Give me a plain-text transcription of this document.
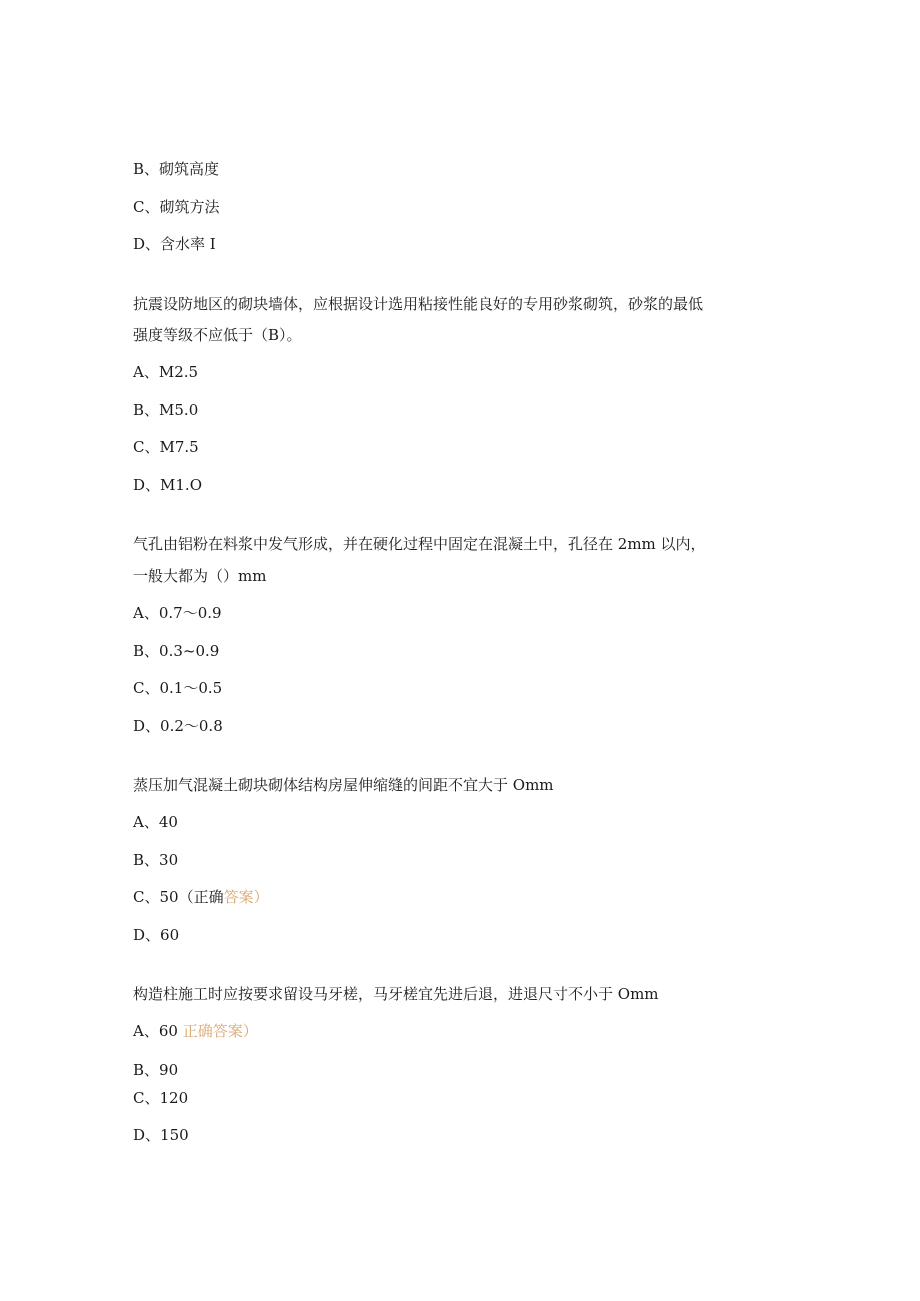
B、砌筑高度
C、砌筑方法
D、含水率 I
抗震设防地区的砌块墙体，应根据设计选用粘接性能良好的专用砂浆砌筑，砂浆的最低
强度等级不应低于（B）。
A、M2.5
B、M5.0
C、M7.5
D、M1.O
气孔由铝粉在料浆中发气形成，并在硬化过程中固定在混凝土中，孔径在 2mm 以内，
一般大都为（）mm
A、0.7～0.9
B、0.3~0.9
C、0.1～0.5
D、0.2～0.8
蒸压加气混凝土砌块砌体结构房屋伸缩缝的间距不宜大于 Omm
A、40
B、30
C、50（正确答案）
D、60
构造柱施工时应按要求留设马牙槎，马牙槎宜先进后退，进退尺寸不小于 Omm
A、60 正确答案）
B、90
C、120
D、150
